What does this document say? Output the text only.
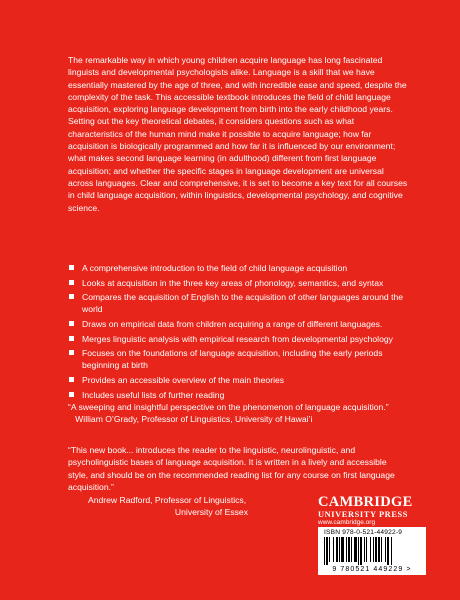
The remarkable way in which young children acquire language has long fascinated linguists and developmental psychologists alike. Language is a skill that we have essentially mastered by the age of three, and with incredible ease and speed, despite the complexity of the task. This accessible textbook introduces the field of child language acquisition, exploring language development from birth into the early childhood years. Setting out the key theoretical debates, it considers questions such as what characteristics of the human mind make it possible to acquire language; how far acquisition is biologically programmed and how far it is influenced by our environment; what makes second language learning (in adulthood) different from first language acquisition; and whether the specific stages in language development are universal across languages. Clear and comprehensive, it is set to become a key text for all courses in child language acquisition, within linguistics, developmental psychology, and cognitive science.

A comprehensive introduction to the field of child language acquisition
Looks at acquisition in the three key areas of phonology, semantics, and syntax
Compares the acquisition of English to the acquisition of other languages around the world
Draws on empirical data from children acquiring a range of different languages.
Merges linguistic analysis with empirical research from developmental psychology
Focuses on the foundations of language acquisition, including the early periods beginning at birth
Provides an accessible overview of the main theories
Includes useful lists of further reading

“A sweeping and insightful perspective on the phenomenon of language acquisition.”    William O’Grady, Professor of Linguistics, University of Hawai’i

“This new book... introduces the reader to the linguistic, neurolinguistic, and psycholinguistic bases of language acquisition. It is written in a lively and accessible style, and should be on the recommended reading list for any course on first language acquisition.”

Andrew Radford, Professor of Linguistics,
University of Essex
CAMBRIDGE
UNIVERSITY PRESS
www.cambridge.org
ISBN 978-0-521-44922-9
9 780521 449229 >
